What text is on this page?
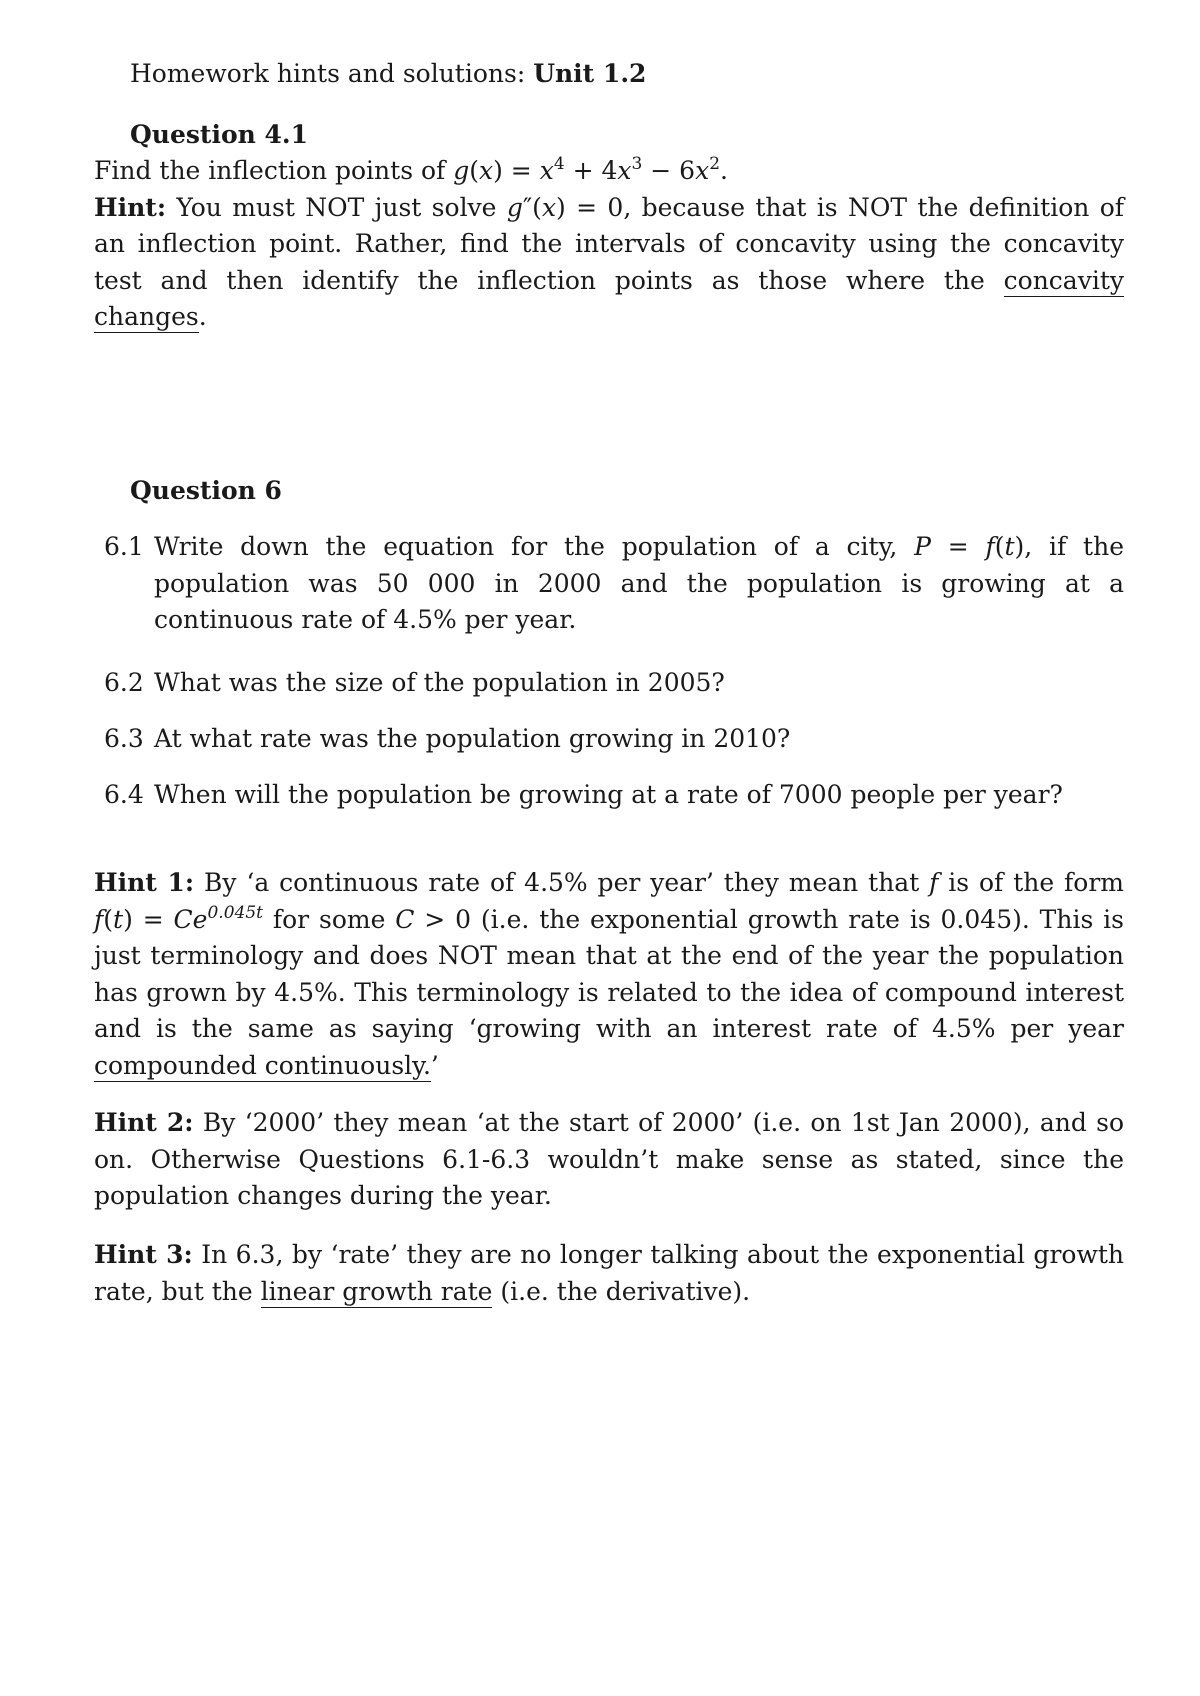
Homework hints and solutions: Unit 1.2
Question 4.1
Find the inflection points of $g(x) = x^4 + 4x^3 - 6x^2$.
Hint: You must NOT just solve g″(x) = 0, because that is NOT the definition of an inflection point. Rather, find the intervals of concavity using the concavity test and then identify the inflection points as those where the concavity changes.
Question 6
6.1 Write down the equation for the population of a city, P = f(t), if the population was 50 000 in 2000 and the population is growing at a continuous rate of 4.5% per year.
6.2 What was the size of the population in 2005?
6.3 At what rate was the population growing in 2010?
6.4 When will the population be growing at a rate of 7000 people per year?
Hint 1: By ‘a continuous rate of 4.5% per year’ they mean that f is of the form $f(t) = Ce^{0.045t}$ for some C > 0 (i.e. the exponential growth rate is 0.045). This is just terminology and does NOT mean that at the end of the year the population has grown by 4.5%. This terminology is related to the idea of compound interest and is the same as saying ‘growing with an interest rate of 4.5% per year compounded continuously.’
Hint 2: By ‘2000’ they mean ‘at the start of 2000’ (i.e. on 1st Jan 2000), and so on. Otherwise Questions 6.1-6.3 wouldn’t make sense as stated, since the population changes during the year.
Hint 3: In 6.3, by ‘rate’ they are no longer talking about the exponential growth rate, but the linear growth rate (i.e. the derivative).
